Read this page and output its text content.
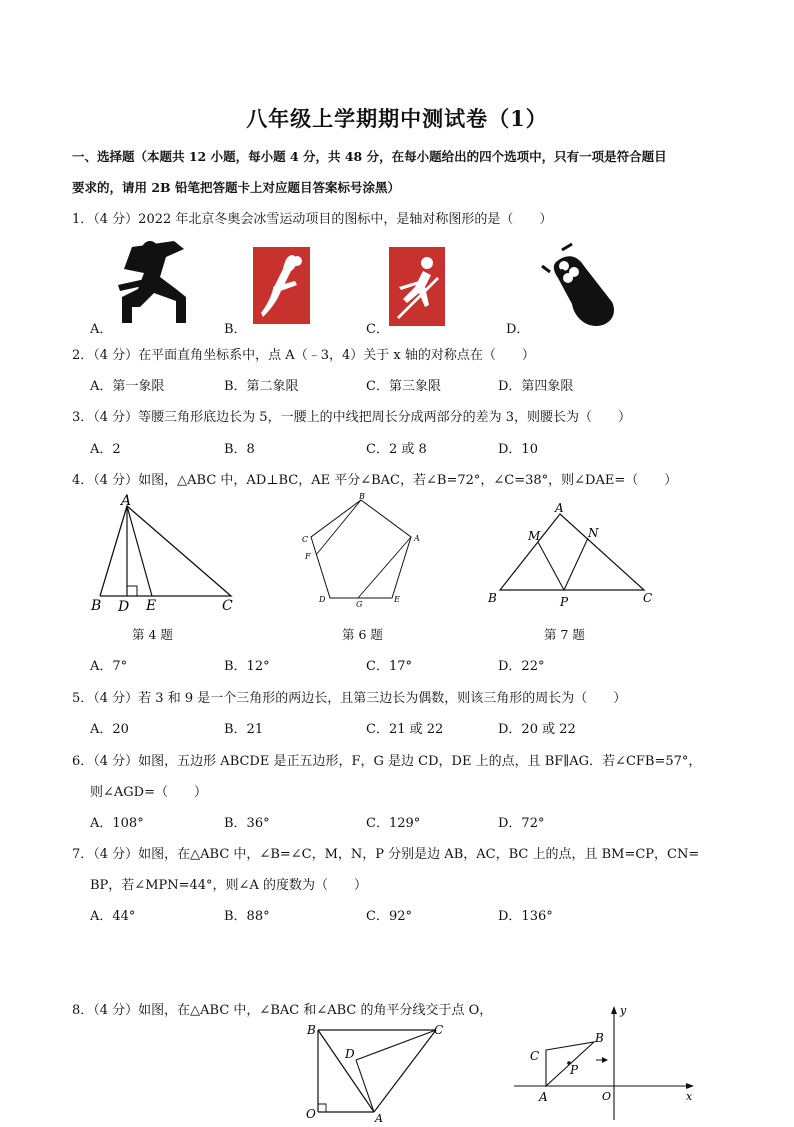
八年级上学期期中测试卷（1）
一、选择题（本题共 12 小题，每小题 4 分，共 48 分，在每小题给出的四个选项中，只有一项是符合题目
要求的，请用 2B 铅笔把答题卡上对应题目答案标号涂黑）
1．（4 分）2022 年北京冬奥会冰雪运动项目的图标中，是轴对称图形的是（　　）
A．	B．	C．	D．
2．（4 分）在平面直角坐标系中，点 A（﹣3，4）关于 x 轴的对称点在（　　）
A．第一象限	B．第二象限	C．第三象限	D．第四象限
3．（4 分）等腰三角形底边长为 5，一腰上的中线把周长分成两部分的差为 3，则腰长为（　　）
A．2	B．8	C．2 或 8	D．10
4．（4 分）如图，△ABC 中，AD⊥BC，AE 平分∠BAC，若∠B=72°，∠C=38°，则∠DAE=（　　）
A
B D E	C
第 4 题
B
C
F
A
D
G
E
第 6 题
A
M	N
B	P	C
第 7 题
A．7°	B．12°	C．17°	D．22°
5．（4 分）若 3 和 9 是一个三角形的两边长，且第三边长为偶数，则该三角形的周长为（　　）
A．20	B．21	C．21 或 22	D．20 或 22
6．（4 分）如图，五边形 ABCDE 是正五边形，F，G 是边 CD，DE 上的点，且 BF∥AG．若∠CFB=57°，
则∠AGD=（　　）
A．108°	B．36°	C．129°	D．72°
7．（4 分）如图，在△ABC 中，∠B=∠C，M，N，P 分别是边 AB，AC，BC 上的点，且 BM=CP，CN=
BP，若∠MPN=44°，则∠A 的度数为（　　）
A．44°	B．88°	C．92°	D．136°
8．（4 分）如图，在△ABC 中，∠BAC 和∠ABC 的角平分线交于点 O，
B	C
D
O	A
y
C
B
P
A	O	x
